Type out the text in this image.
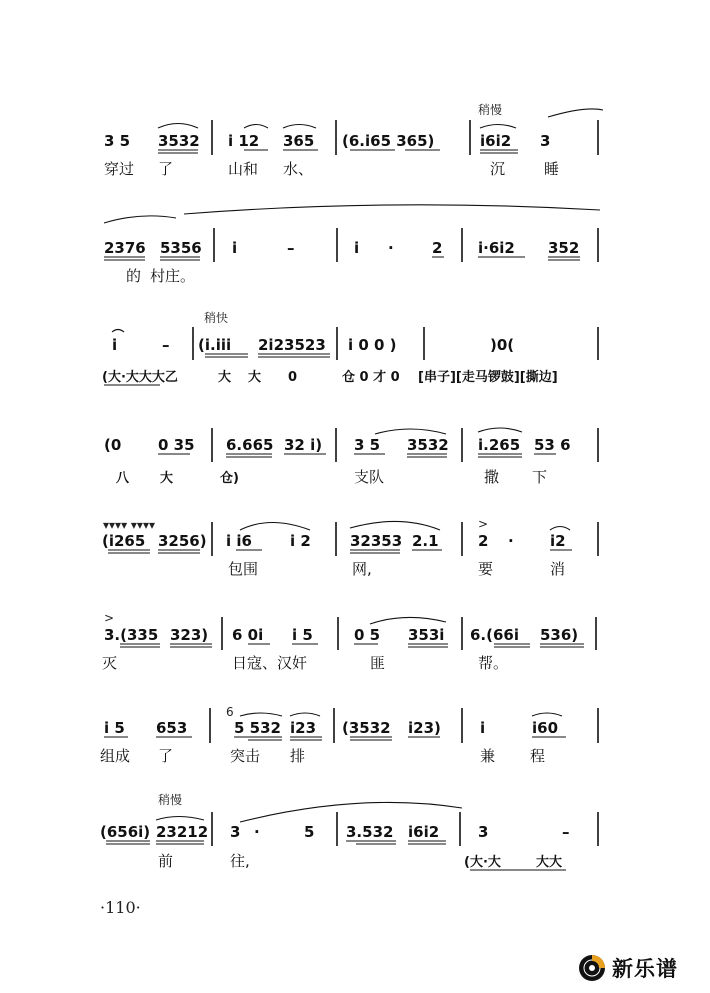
稍慢
3 5 3532 i 12 365 (6.i65 365)	i6i2 3
穿过 了	山和 水、	沉	睡
2376 5356 i	–	i ·	2 i·6i2 352
的 村庄。
稍快
i	– (i.iii 2i23523 i 0 0 )	)0(
(大·大大大乙	大 大 0	仓 0 才 0 [串子][走马锣鼓][撕边]
(0 0 35 6.665 32 i) 3 5 3532 i.265 53 6
八 大	仓)	支队	撒 下
▾▾▾▾ ▾▾▾▾
(i265 3256) i i6	i 2	32353 2.1
>
2 · i2
包围	网,	要	消
>
3.(335 323) 6 0i i 5	0 5 353i 6.(66i 536)
灭	日寇、汉奸	匪	帮。
i 5 653
6
5 532 i23 (3532 i23)	i	i60
组成 了	突击 排	兼 程
稍慢
(656i) 23212 3 ·	5 3.532 i6i2	3	–
前	往,	(大·大	大大
·110·
新乐谱
